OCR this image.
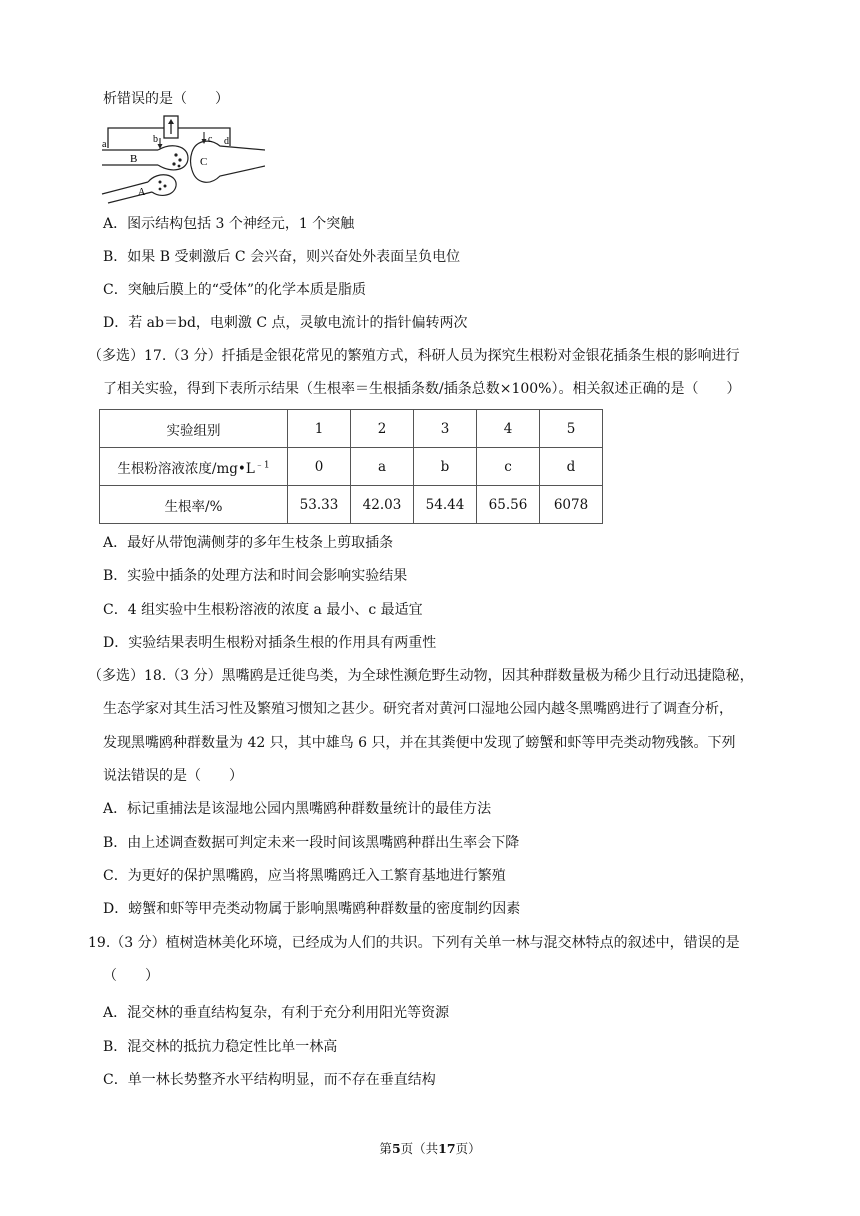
析错误的是（　　）
a	b	c d
B	C
A
A．图示结构包括 3 个神经元，1 个突触
B．如果 B 受刺激后 C 会兴奋，则兴奋处外表面呈负电位
C．突触后膜上的“受体”的化学本质是脂质
D．若 ab＝bd，电刺激 C 点，灵敏电流计的指针偏转两次
（多选）17.（3 分）扦插是金银花常见的繁殖方式，科研人员为探究生根粉对金银花插条生根的影响进行
了相关实验，得到下表所示结果（生根率＝生根插条数/插条总数×100%）。相关叙述正确的是（　　）
实验组别	1	2	3	4	5
生根粉溶液浓度$/mg•L^{﹣1}$	0	a	b	c	d
生根率/%	53.33	42.03	54.44	65.56	6078
A．最好从带饱满侧芽的多年生枝条上剪取插条
B．实验中插条的处理方法和时间会影响实验结果
C．4 组实验中生根粉溶液的浓度 a 最小、c 最适宜
D．实验结果表明生根粉对插条生根的作用具有两重性
（多选）18.（3 分）黑嘴鸥是迁徙鸟类，为全球性濒危野生动物，因其种群数量极为稀少且行动迅捷隐秘，
生态学家对其生活习性及繁殖习惯知之甚少。研究者对黄河口湿地公园内越冬黑嘴鸥进行了调查分析，
发现黑嘴鸥种群数量为 42 只，其中雄鸟 6 只，并在其粪便中发现了螃蟹和虾等甲壳类动物残骸。下列
说法错误的是（　　）
A．标记重捕法是该湿地公园内黑嘴鸥种群数量统计的最佳方法
B．由上述调查数据可判定未来一段时间该黑嘴鸥种群出生率会下降
C．为更好的保护黑嘴鸥，应当将黑嘴鸥迁入工繁育基地进行繁殖
D．螃蟹和虾等甲壳类动物属于影响黑嘴鸥种群数量的密度制约因素
19.（3 分）植树造林美化环境，已经成为人们的共识。下列有关单一林与混交林特点的叙述中，错误的是
（　　）
A．混交林的垂直结构复杂，有利于充分利用阳光等资源
B．混交林的抵抗力稳定性比单一林高
C．单一林长势整齐水平结构明显，而不存在垂直结构
第5页（共17页）
